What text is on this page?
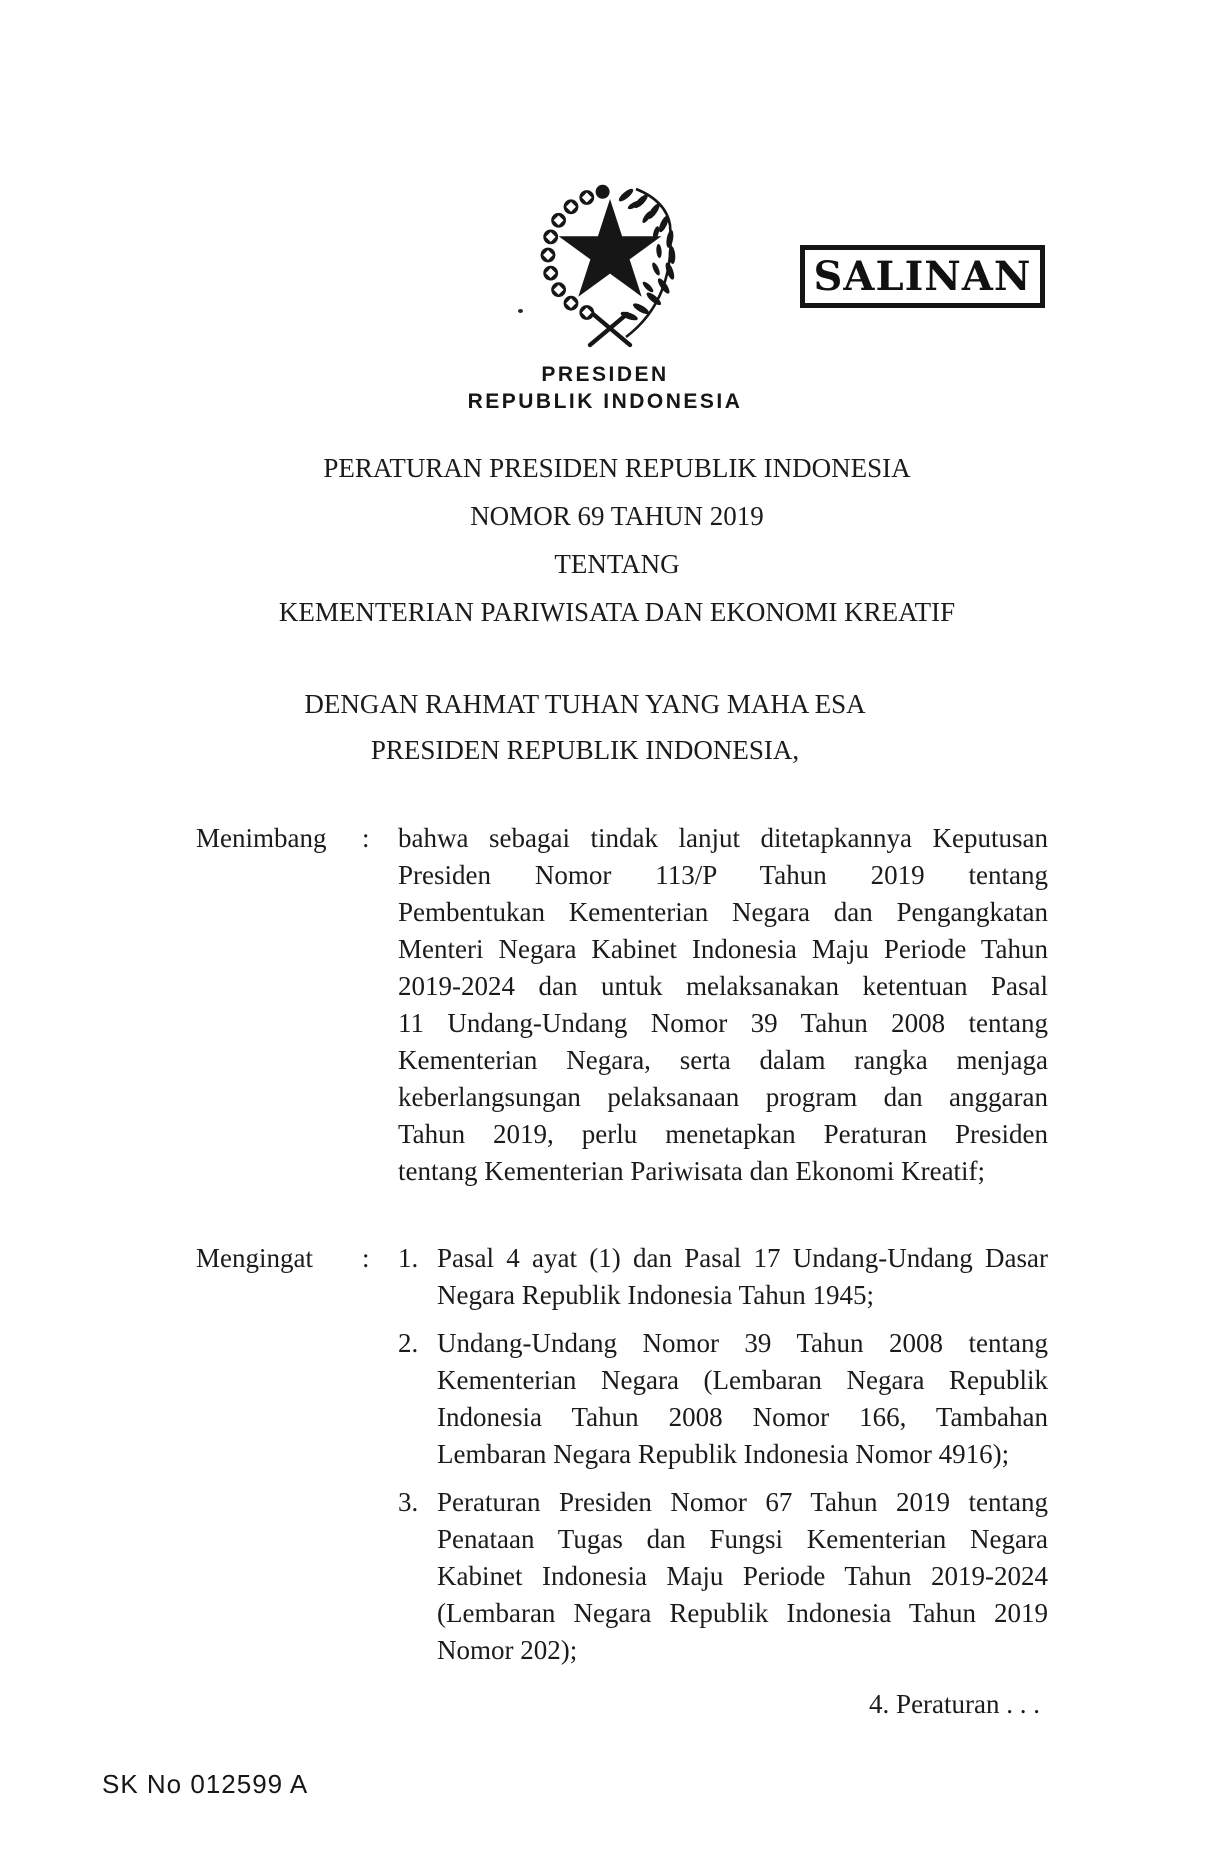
SALINAN
PRESIDEN
REPUBLIK INDONESIA
PERATURAN PRESIDEN REPUBLIK INDONESIA
NOMOR 69 TAHUN 2019
TENTANG
KEMENTERIAN PARIWISATA DAN EKONOMI KREATIF
DENGAN RAHMAT TUHAN YANG MAHA ESA
PRESIDEN REPUBLIK INDONESIA,
Menimbang : bahwa sebagai tindak lanjut ditetapkannya Keputusan
Presiden Nomor 113/P Tahun 2019 tentang
Pembentukan Kementerian Negara dan Pengangkatan
Menteri Negara Kabinet Indonesia Maju Periode Tahun
2019-2024 dan untuk melaksanakan ketentuan Pasal
11 Undang-Undang Nomor 39 Tahun 2008 tentang
Kementerian Negara, serta dalam rangka menjaga
keberlangsungan pelaksanaan program dan anggaran
Tahun 2019, perlu menetapkan Peraturan Presiden
tentang Kementerian Pariwisata dan Ekonomi Kreatif;
Mengingat : 1. Pasal 4 ayat (1) dan Pasal 17 Undang-Undang Dasar
Negara Republik Indonesia Tahun 1945;
2. Undang-Undang Nomor 39 Tahun 2008 tentang
Kementerian Negara (Lembaran Negara Republik
Indonesia Tahun 2008 Nomor 166, Tambahan
Lembaran Negara Republik Indonesia Nomor 4916);
3. Peraturan Presiden Nomor 67 Tahun 2019 tentang
Penataan Tugas dan Fungsi Kementerian Negara
Kabinet Indonesia Maju Periode Tahun 2019-2024
(Lembaran Negara Republik Indonesia Tahun 2019
Nomor 202);
4. Peraturan . . .
SK No 012599 A
